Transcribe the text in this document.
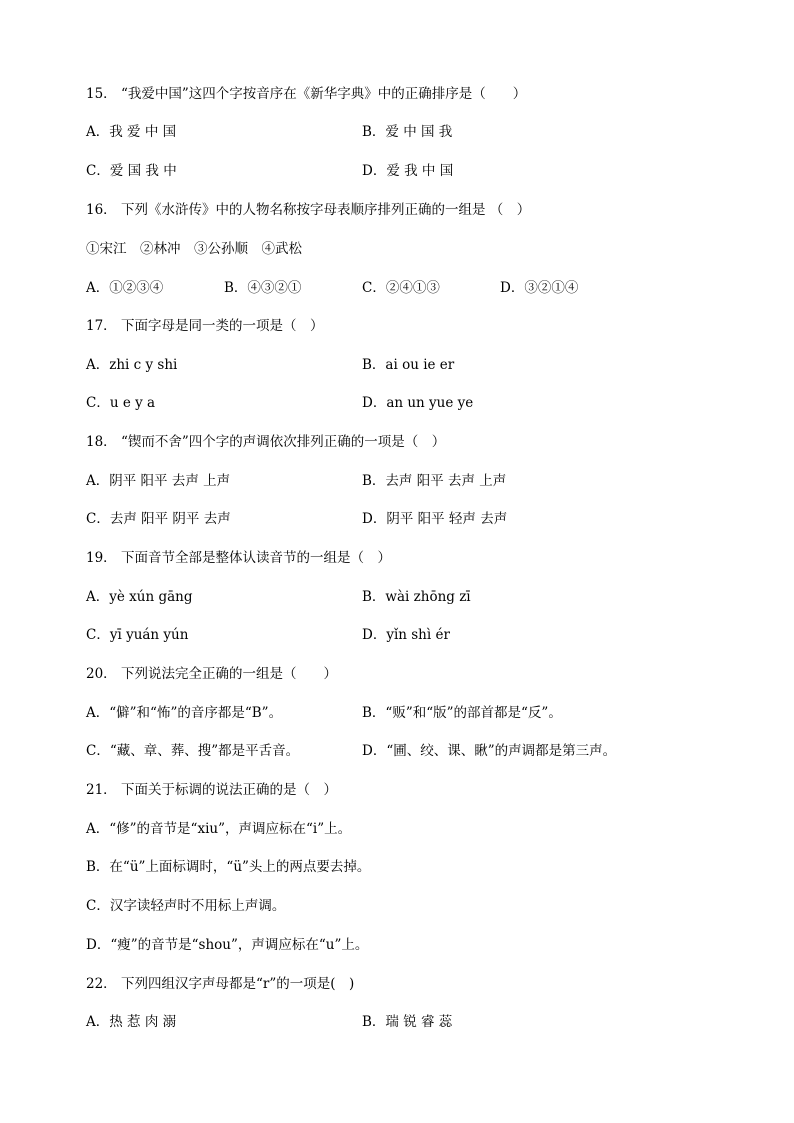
15． “我爱中国”这四个字按音序在《新华字典》中的正确排序是（　　）
A．我 爱 中 国	B．爱 中 国 我
C．爱 国 我 中	D．爱 我 中 国
16． 下列《水浒传》中的人物名称按字母表顺序排列正确的一组是 （　）
①宋江　②林冲　③公孙顺　④武松
A．①②③④	B．④③②①	C．②④①③	D．③②①④
17． 下面字母是同一类的一项是（　）
A．zhi c y shi	B．ai ou ie er
C．u e y a	D．an un yue ye
18． “锲而不舍”四个字的声调依次排列正确的一项是（　）
A．阴平 阳平 去声 上声	B．去声 阳平 去声 上声
C．去声 阳平 阴平 去声	D．阴平 阳平 轻声 去声
19． 下面音节全部是整体认读音节的一组是（　）
A．yè xún gāng	B．wài zhōng zī
C．yī yuán yún	D．yǐn shì ér
20． 下列说法完全正确的一组是（　　）
A．“僻”和“怖”的音序都是“B”。	B．“贩”和“版”的部首都是“反”。
C．“藏、章、葬、搜”都是平舌音。	D．“圃、绞、课、瞅”的声调都是第三声。
21． 下面关于标调的说法正确的是（　）
A．“修”的音节是“xiu”，声调应标在“i”上。
B．在“ü”上面标调时，“ü”头上的两点要去掉。
C．汉字读轻声时不用标上声调。
D．“瘦”的音节是“shou”，声调应标在“u”上。
22． 下列四组汉字声母都是“r”的一项是(　)
A．热 惹 肉 溺	B．瑞 锐 睿 蕊
